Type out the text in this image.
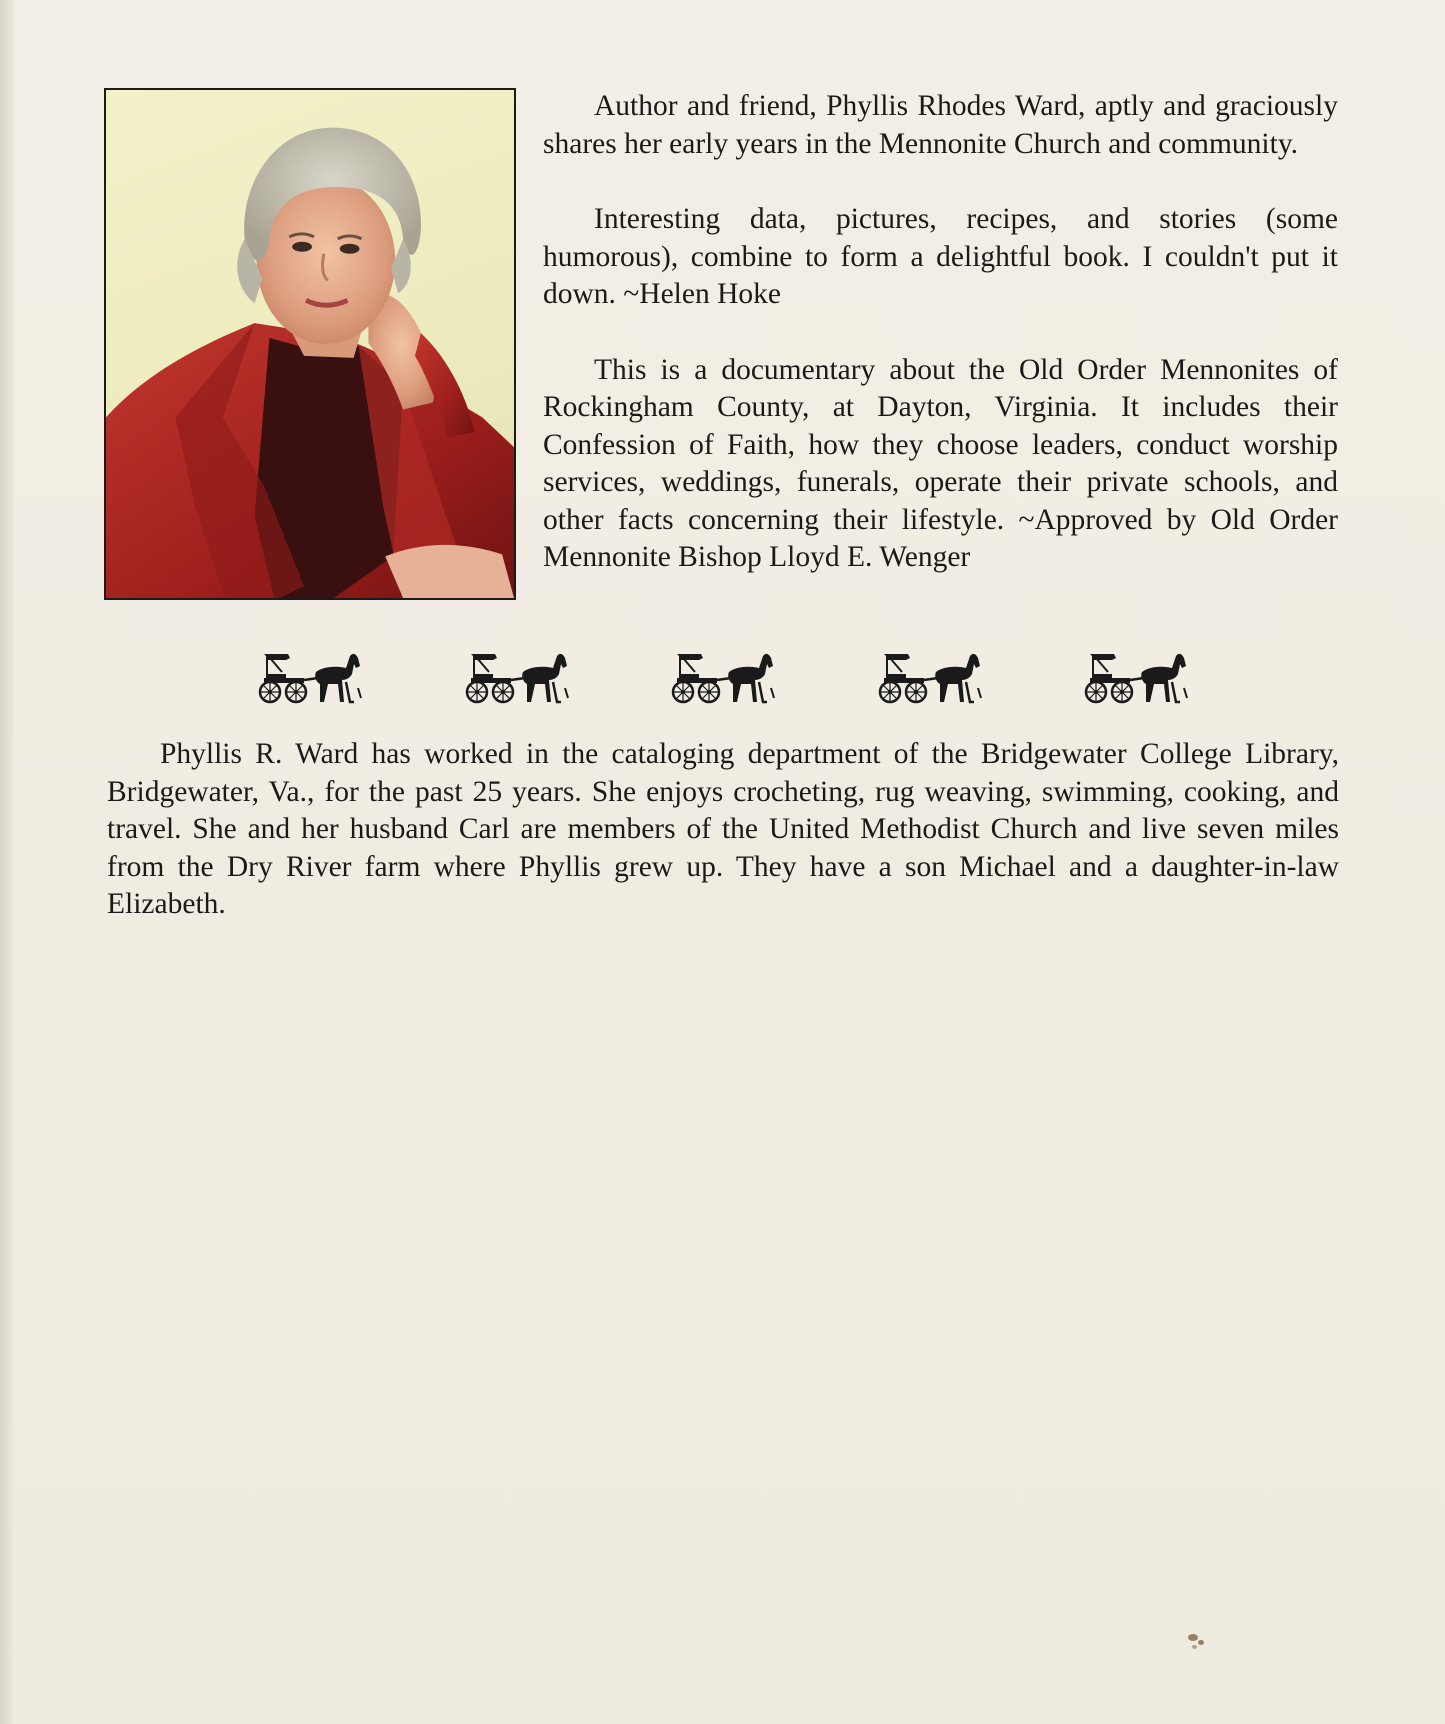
Author and friend, Phyllis Rhodes Ward, aptly and graciously shares her early years in the Mennonite Church and community.

Interesting data, pictures, recipes, and stories (some humorous), combine to form a delightful book. I couldn't put it down. ~Helen Hoke

This is a documentary about the Old Order Mennonites of Rockingham County, at Dayton, Virginia. It includes their Confession of Faith, how they choose leaders, conduct worship services, weddings, funerals, operate their private schools, and other facts concerning their lifestyle. ~Approved by Old Order Mennonite Bishop Lloyd E. Wenger

Phyllis R. Ward has worked in the cataloging department of the Bridgewater College Library, Bridgewater, Va., for the past 25 years. She enjoys crocheting, rug weaving, swimming, cooking, and travel. She and her husband Carl are members of the United Methodist Church and live seven miles from the Dry River farm where Phyllis grew up. They have a son Michael and a daughter-in-law Elizabeth.
